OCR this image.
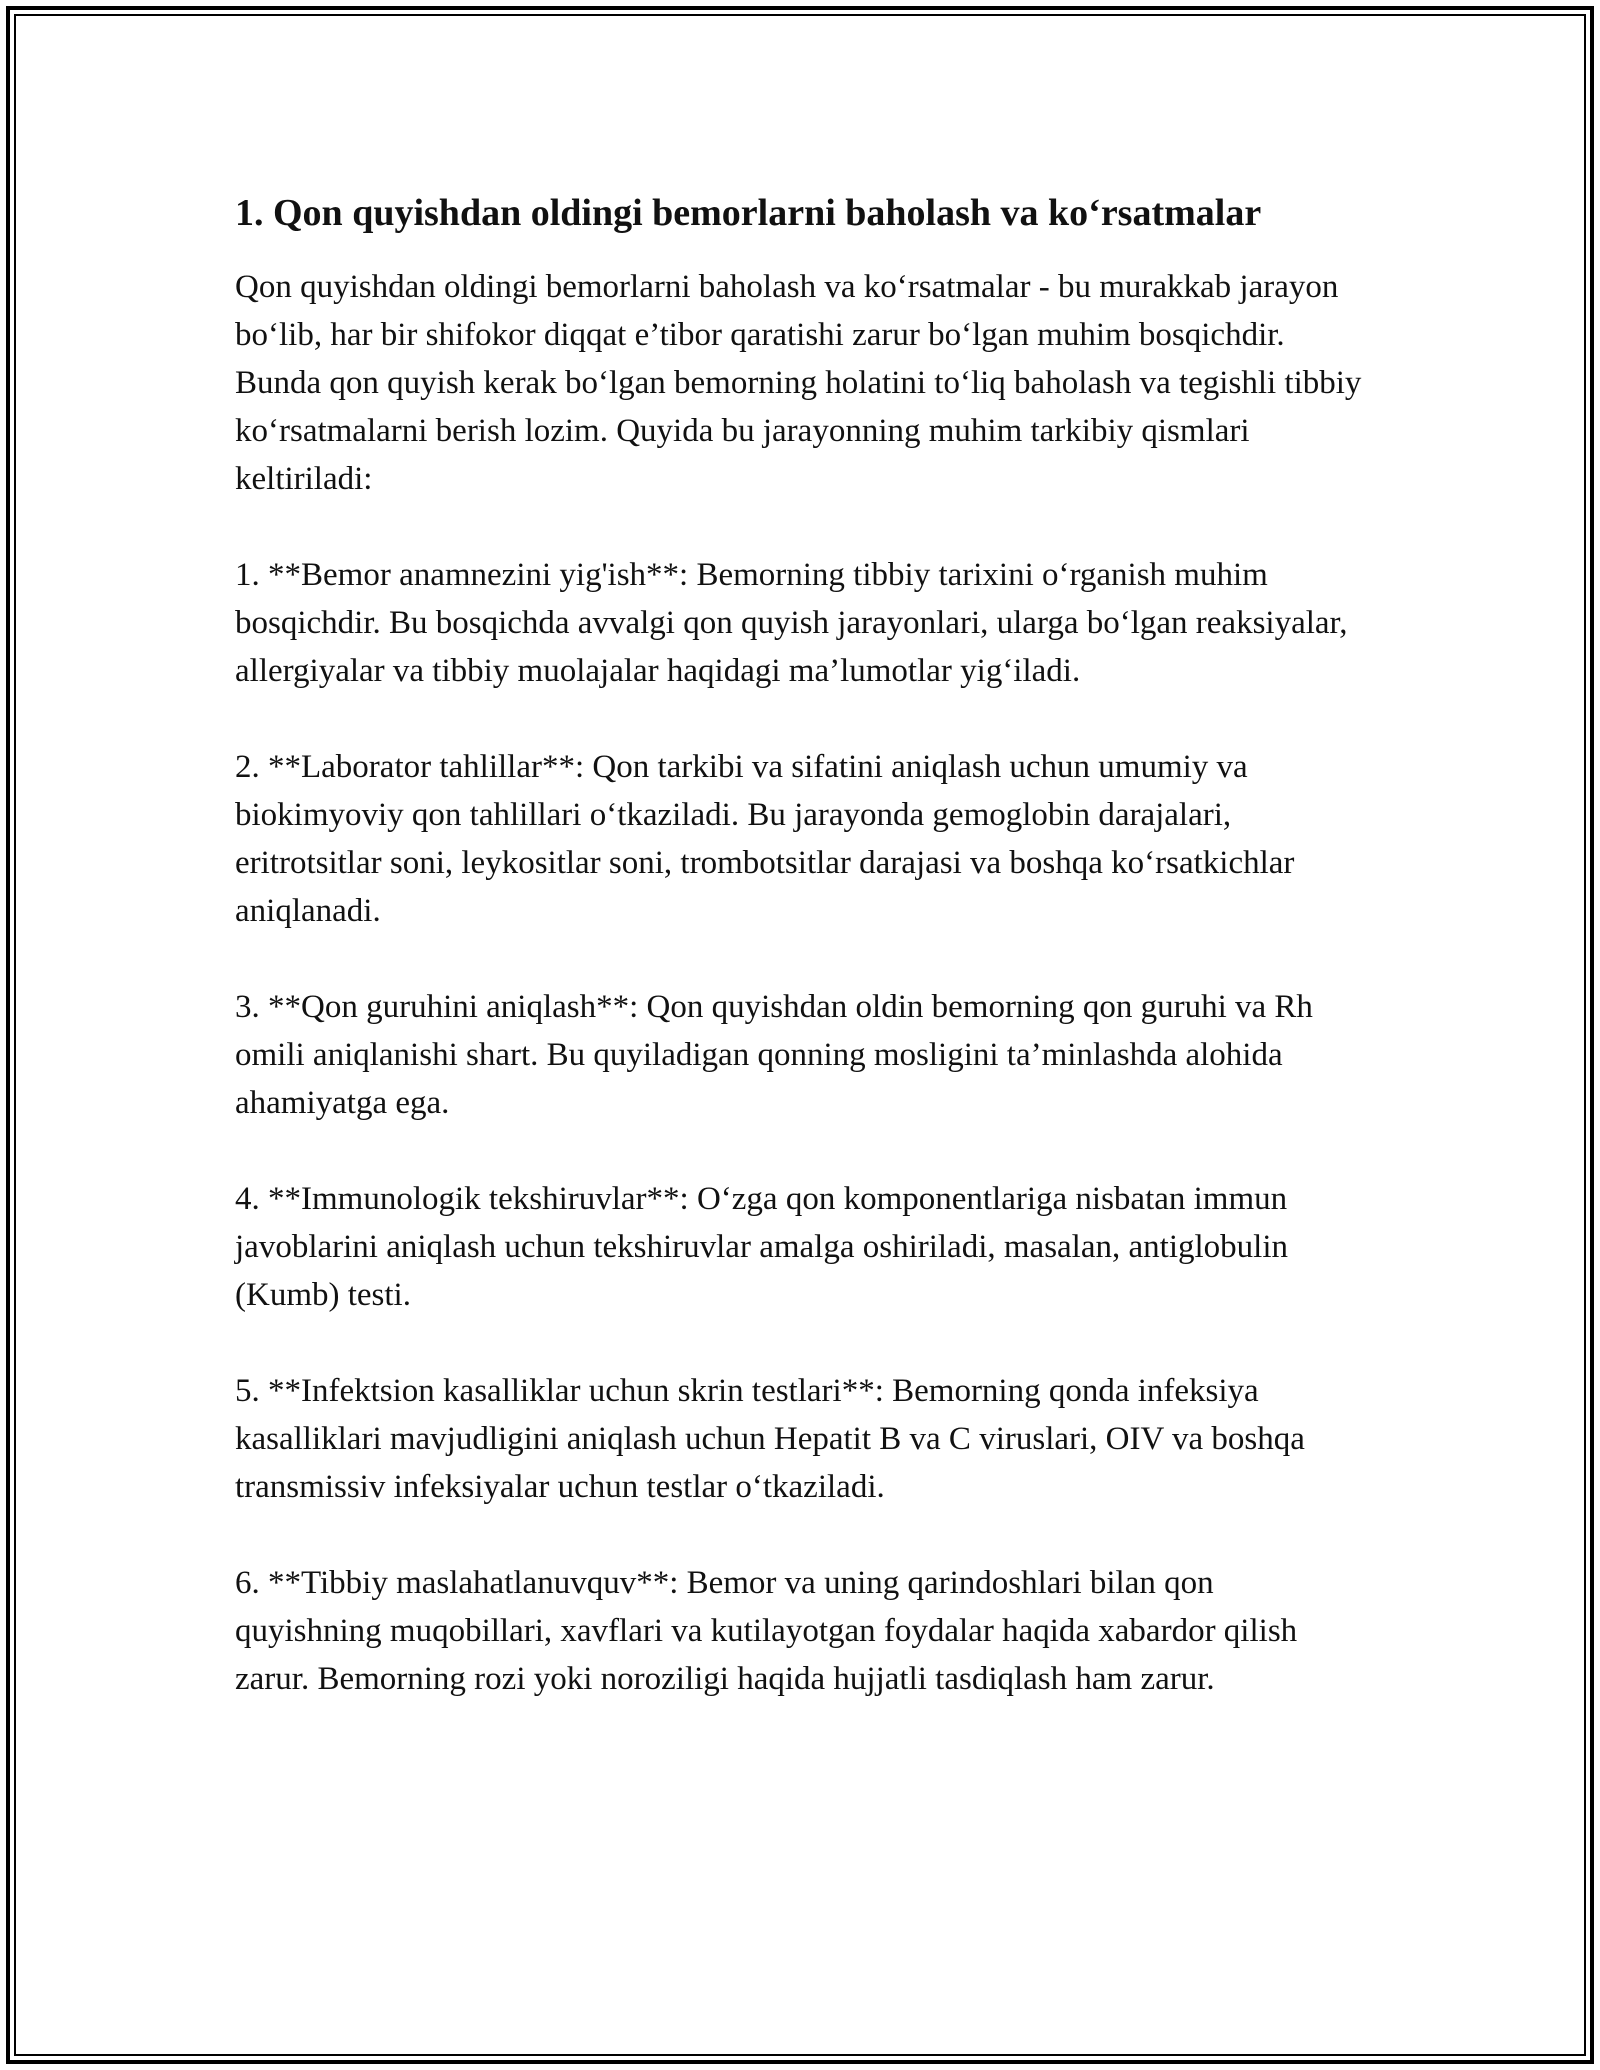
1. Qon quyishdan oldingi bemorlarni baholash va ko‘rsatmalar

Qon quyishdan oldingi bemorlarni baholash va ko‘rsatmalar - bu murakkab jarayon bo‘lib, har bir shifokor diqqat e’tibor qaratishi zarur bo‘lgan muhim bosqichdir. Bunda qon quyish kerak bo‘lgan bemorning holatini to‘liq baholash va tegishli tibbiy ko‘rsatmalarni berish lozim. Quyida bu jarayonning muhim tarkibiy qismlari keltiriladi:

1. **Bemor anamnezini yig'ish**: Bemorning tibbiy tarixini o‘rganish muhim bosqichdir. Bu bosqichda avvalgi qon quyish jarayonlari, ularga bo‘lgan reaksiyalar, allergiyalar va tibbiy muolajalar haqidagi ma’lumotlar yig‘iladi.

2. **Laborator tahlillar**: Qon tarkibi va sifatini aniqlash uchun umumiy va biokimyoviy qon tahlillari o‘tkaziladi. Bu jarayonda gemoglobin darajalari, eritrotsitlar soni, leykositlar soni, trombotsitlar darajasi va boshqa ko‘rsatkichlar aniqlanadi.

3. **Qon guruhini aniqlash**: Qon quyishdan oldin bemorning qon guruhi va Rh omili aniqlanishi shart. Bu quyiladigan qonning mosligini ta’minlashda alohida ahamiyatga ega.

4. **Immunologik tekshiruvlar**: O‘zga qon komponentlariga nisbatan immun javoblarini aniqlash uchun tekshiruvlar amalga oshiriladi, masalan, antiglobulin (Kumb) testi.

5. **Infektsion kasalliklar uchun skrin testlari**: Bemorning qonda infeksiya kasalliklari mavjudligini aniqlash uchun Hepatit B va C viruslari, OIV va boshqa transmissiv infeksiyalar uchun testlar o‘tkaziladi.

6. **Tibbiy maslahatlanuvquv**: Bemor va uning qarindoshlari bilan qon quyishning muqobillari, xavflari va kutilayotgan foydalar haqida xabardor qilish zarur. Bemorning rozi yoki noroziligi haqida hujjatli tasdiqlash ham zarur.
